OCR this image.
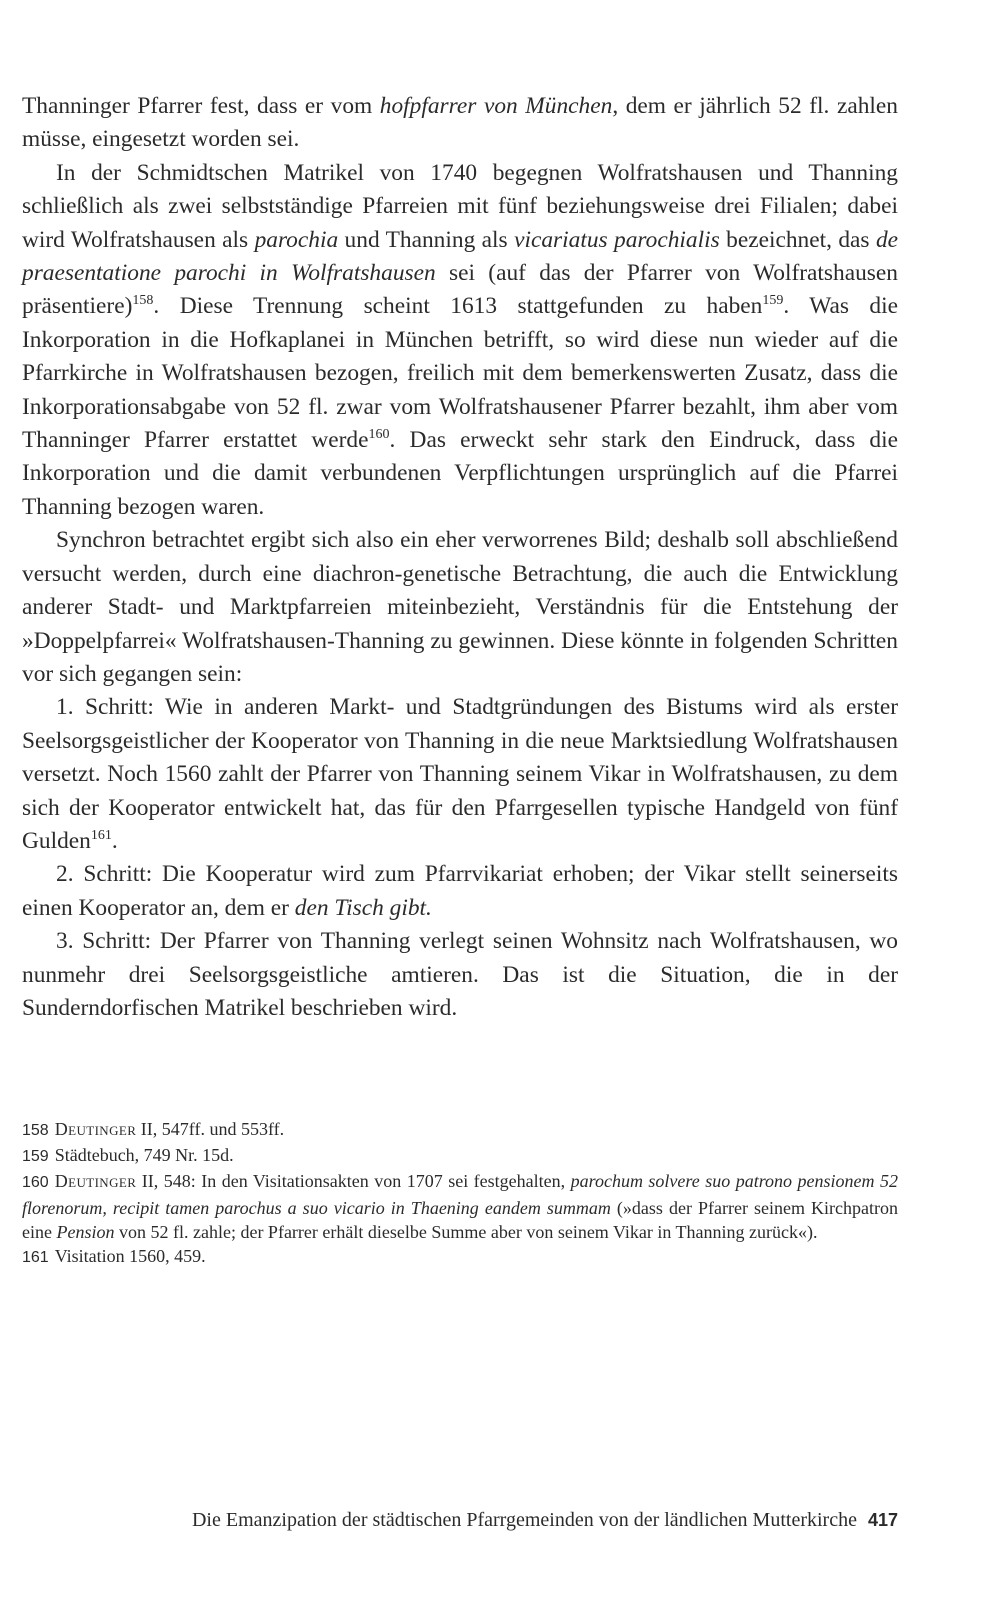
Thanninger Pfarrer fest, dass er vom hofpfarrer von München, dem er jährlich 52 fl. zahlen müsse, eingesetzt worden sei.

In der Schmidtschen Matrikel von 1740 begegnen Wolfratshausen und Thanning schließlich als zwei selbstständige Pfarreien mit fünf beziehungsweise drei Filialen; dabei wird Wolfratshausen als parochia und Thanning als vicariatus parochialis bezeichnet, das de praesentatione parochi in Wolfratshausen sei (auf das der Pfarrer von Wolfratshausen präsentiere)$^{158}$. Diese Trennung scheint 1613 stattgefunden zu haben$^{159}$. Was die Inkorporation in die Hofkaplanei in München betrifft, so wird diese nun wieder auf die Pfarrkirche in Wolfratshausen bezogen, freilich mit dem bemerkenswerten Zusatz, dass die Inkorporationsabgabe von 52 fl. zwar vom Wolfratshausener Pfarrer bezahlt, ihm aber vom Thanninger Pfarrer erstattet werde$^{160}$. Das erweckt sehr stark den Eindruck, dass die Inkorporation und die damit verbundenen Verpflichtungen ursprünglich auf die Pfarrei Thanning bezogen waren.

Synchron betrachtet ergibt sich also ein eher verworrenes Bild; deshalb soll abschließend versucht werden, durch eine diachron-genetische Betrachtung, die auch die Entwicklung anderer Stadt- und Marktpfarreien miteinbezieht, Verständnis für die Entstehung der »Doppelpfarrei« Wolfratshausen-Thanning zu gewinnen. Diese könnte in folgenden Schritten vor sich gegangen sein:

1. Schritt: Wie in anderen Markt- und Stadtgründungen des Bistums wird als erster Seelsorgsgeistlicher der Kooperator von Thanning in die neue Marktsiedlung Wolfratshausen versetzt. Noch 1560 zahlt der Pfarrer von Thanning seinem Vikar in Wolfratshausen, zu dem sich der Kooperator entwickelt hat, das für den Pfarrgesellen typische Handgeld von fünf Gulden$^{161}$.

2. Schritt: Die Kooperatur wird zum Pfarrvikariat erhoben; der Vikar stellt seinerseits einen Kooperator an, dem er den Tisch gibt.

3. Schritt: Der Pfarrer von Thanning verlegt seinen Wohnsitz nach Wolfratshausen, wo nunmehr drei Seelsorgsgeistliche amtieren. Das ist die Situation, die in der Sunderndorfischen Matrikel beschrieben wird.

158 Deutinger II, 547ff. und 553ff.

159 Städtebuch, 749 Nr. 15d.

160 Deutinger II, 548: In den Visitationsakten von 1707 sei festgehalten, parochum solvere suo patrono pensionem 52 florenorum, recipit tamen parochus a suo vicario in Thaening eandem summam (»dass der Pfarrer seinem Kirchpatron eine Pension von 52 fl. zahle; der Pfarrer erhält dieselbe Summe aber von seinem Vikar in Thanning zurück«).

161 Visitation 1560, 459.

Die Emanzipation der städtischen Pfarrgemeinden von der ländlichen Mutterkirche 417
